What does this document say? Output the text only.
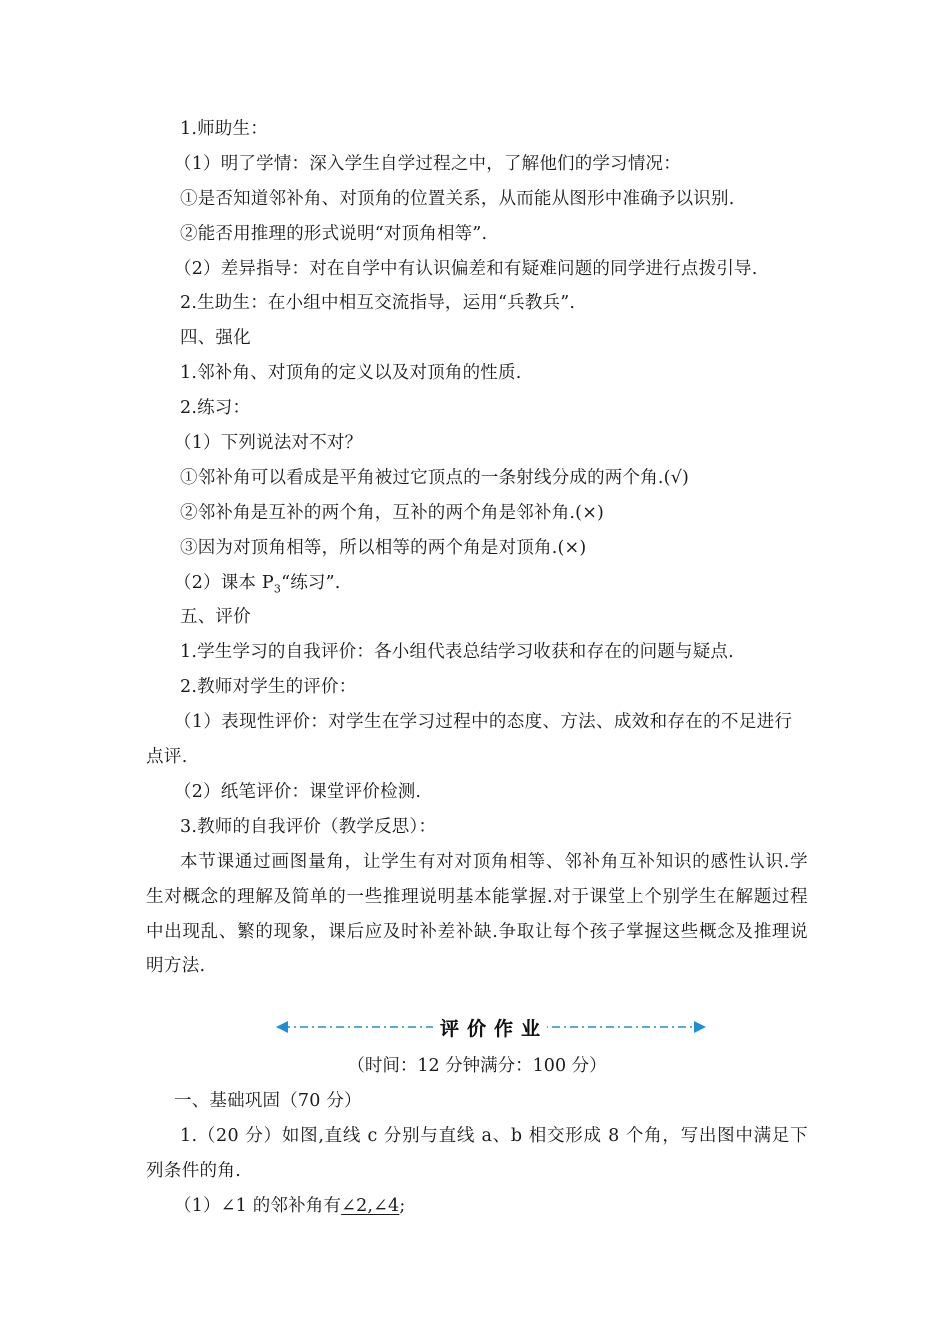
1.师助生：
（1）明了学情：深入学生自学过程之中，了解他们的学习情况：
①是否知道邻补角、对顶角的位置关系，从而能从图形中准确予以识别.
②能否用推理的形式说明“对顶角相等”.
（2）差异指导：对在自学中有认识偏差和有疑难问题的同学进行点拨引导.
2.生助生：在小组中相互交流指导，运用“兵教兵”.
四、强化
1.邻补角、对顶角的定义以及对顶角的性质.
2.练习：
（1）下列说法对不对？
①邻补角可以看成是平角被过它顶点的一条射线分成的两个角.(√)
②邻补角是互补的两个角，互补的两个角是邻补角.(×)
③因为对顶角相等，所以相等的两个角是对顶角.(×)
（2）课本 $P_3“$练习”.
五、评价
1.学生学习的自我评价：各小组代表总结学习收获和存在的问题与疑点.
2.教师对学生的评价：

（1）表现性评价：对学生在学习过程中的态度、方法、成效和存在的不足进行点评.

（2）纸笔评价：课堂评价检测.
3.教师的自我评价（教学反思）：

本节课通过画图量角，让学生有对对顶角相等、邻补角互补知识的感性认识.学生对概念的理解及简单的一些推理说明基本能掌握.对于课堂上个别学生在解题过程中出现乱、繁的现象，课后应及时补差补缺.争取让每个孩子掌握这些概念及推理说明方法.

评 价 作 业
（时间：12 分钟满分：100 分）
一、基础巩固（70 分）

1.（20 分）如图,直线 c 分别与直线 a、b 相交形成 8 个角，写出图中满足下列条件的角.

（1）∠1 的邻补角有∠2,∠4;
